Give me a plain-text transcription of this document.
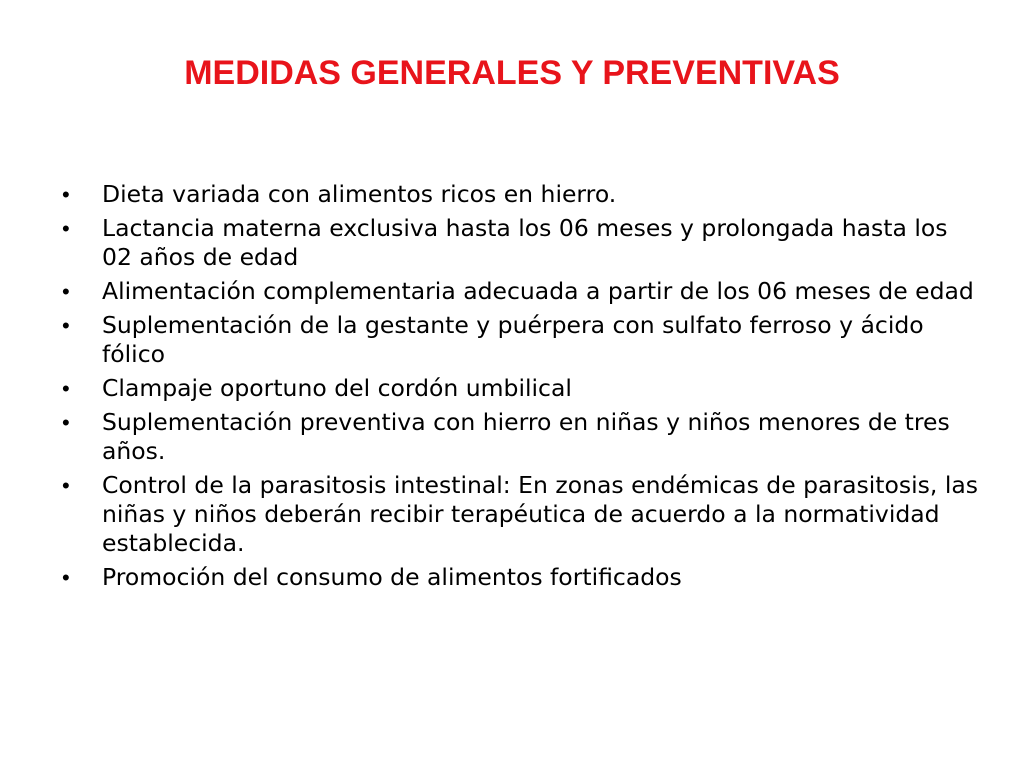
MEDIDAS GENERALES Y PREVENTIVAS
•	Dieta variada con alimentos ricos en hierro.
•	Lactancia materna exclusiva hasta los 06 meses y prolongada hasta los 02 años de edad
•	Alimentación complementaria adecuada a partir de los 06 meses de edad
•	Suplementación de la gestante y puérpera con sulfato ferroso y ácido fólico
•	Clampaje oportuno del cordón umbilical
•	Suplementación preventiva con hierro en niñas y niños menores de tres años.
•	Control de la parasitosis intestinal: En zonas endémicas de parasitosis, las niñas y niños deberán recibir terapéutica de acuerdo a la normatividad establecida.
•	Promoción del consumo de alimentos fortificados
